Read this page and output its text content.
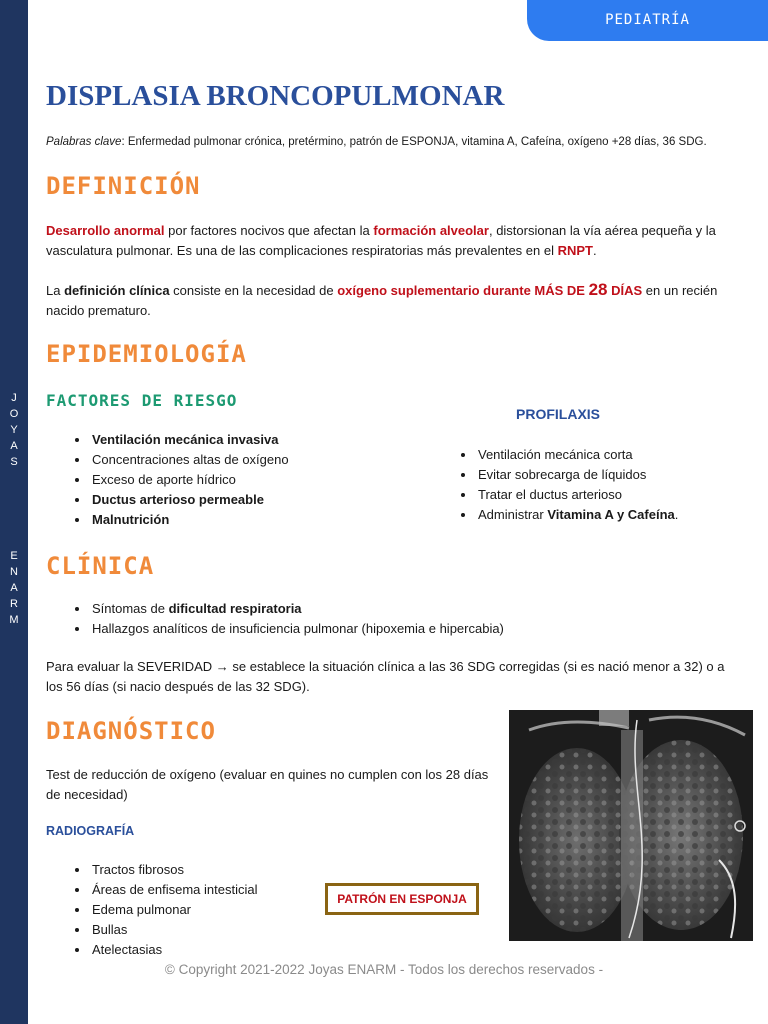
J
O
Y
A
S
E
N
A
R
M
PEDIATRÍA
DISPLASIA BRONCOPULMONAR
Palabras clave: Enfermedad pulmonar crónica, pretérmino, patrón de ESPONJA, vitamina A, Cafeína, oxígeno +28 días, 36 SDG.
DEFINICIÓN
Desarrollo anormal por factores nocivos que afectan la formación alveolar, distorsionan la vía aérea pequeña y la vasculatura pulmonar. Es una de las complicaciones respiratorias más prevalentes en el RNPT.
La definición clínica consiste en la necesidad de oxígeno suplementario durante MÁS DE 28 DÍAS en un recién nacido prematuro.
EPIDEMIOLOGÍA
FACTORES DE RIESGO
• Ventilación mecánica invasiva
• Concentraciones altas de oxígeno
• Exceso de aporte hídrico
• Ductus arterioso permeable
• Malnutrición
PROFILAXIS
• Ventilación mecánica corta
• Evitar sobrecarga de líquidos
• Tratar el ductus arterioso
• Administrar Vitamina A y Cafeína.
CLÍNICA
• Síntomas de dificultad respiratoria
• Hallazgos analíticos de insuficiencia pulmonar (hipoxemia e hipercabia)
Para evaluar la SEVERIDAD → se establece la situación clínica a las 36 SDG corregidas (si es nació menor a 32) o a los 56 días (si nacio después de las 32 SDG).
DIAGNÓSTICO
Test de reducción de oxígeno (evaluar en quines no cumplen con los 28 días de necesidad)
RADIOGRAFÍA
• Tractos fibrosos
• Áreas de enfisema intesticial
• Edema pulmonar
• Bullas
• Atelectasias
PATRÓN EN ESPONJA
© Copyright 2021-2022 Joyas ENARM - Todos los derechos reservados -
